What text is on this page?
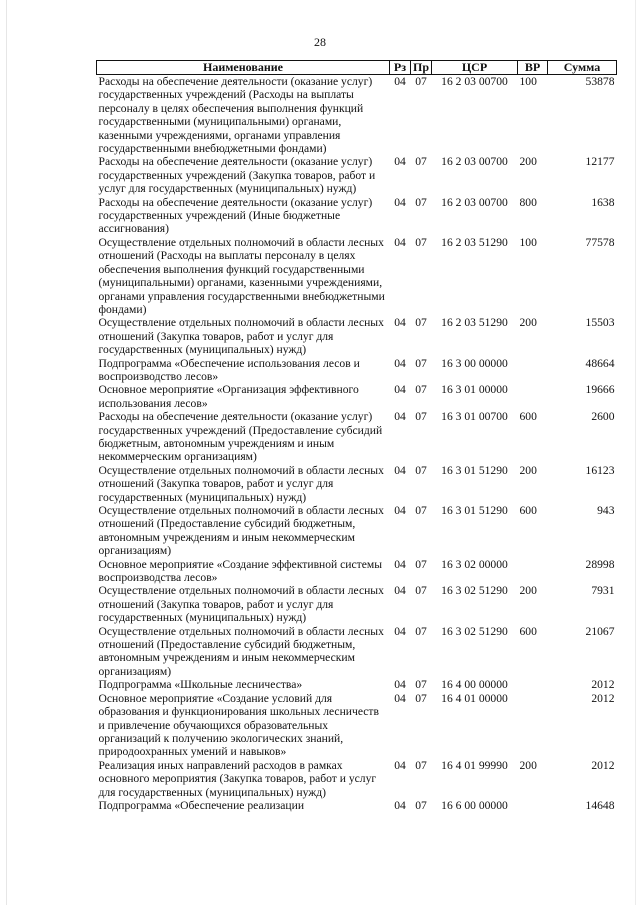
28
Наименование	Рз	Пр	ЦСР	ВР	Сумма
Расходы на обеспечение деятельности (оказание услуг) государственных учреждений (Расходы на выплаты персоналу в целях обеспечения выполнения функций государственными (муниципальными) органами, казенными учреждениями, органами управления государственными внебюджетными фондами)	04	07	16 2 03 00700	100	53878
Расходы на обеспечение деятельности (оказание услуг) государственных учреждений (Закупка товаров, работ и услуг для государственных (муниципальных) нужд)	04	07	16 2 03 00700	200	12177
Расходы на обеспечение деятельности (оказание услуг) государственных учреждений (Иные бюджетные ассигнования)	04	07	16 2 03 00700	800	1638
Осуществление отдельных полномочий в области лесных отношений (Расходы на выплаты персоналу в целях обеспечения выполнения функций государственными (муниципальными) органами, казенными учреждениями, органами управления государственными внебюджетными фондами)	04	07	16 2 03 51290	100	77578
Осуществление отдельных полномочий в области лесных отношений (Закупка товаров, работ и услуг для государственных (муниципальных) нужд)	04	07	16 2 03 51290	200	15503
Подпрограмма «Обеспечение использования лесов и воспроизводство лесов»	04	07	16 3 00 00000		48664
Основное мероприятие «Организация эффективного использования лесов»	04	07	16 3 01 00000		19666
Расходы на обеспечение деятельности (оказание услуг) государственных учреждений (Предоставление субсидий бюджетным, автономным учреждениям и иным некоммерческим организациям)	04	07	16 3 01 00700	600	2600
Осуществление отдельных полномочий в области лесных отношений (Закупка товаров, работ и услуг для государственных (муниципальных) нужд)	04	07	16 3 01 51290	200	16123
Осуществление отдельных полномочий в области лесных отношений (Предоставление субсидий бюджетным, автономным учреждениям и иным некоммерческим организациям)	04	07	16 3 01 51290	600	943
Основное мероприятие «Создание эффективной системы воспроизводства лесов»	04	07	16 3 02 00000		28998
Осуществление отдельных полномочий в области лесных отношений (Закупка товаров, работ и услуг для государственных (муниципальных) нужд)	04	07	16 3 02 51290	200	7931
Осуществление отдельных полномочий в области лесных отношений (Предоставление субсидий бюджетным, автономным учреждениям и иным некоммерческим организациям)	04	07	16 3 02 51290	600	21067
Подпрограмма «Школьные лесничества»	04	07	16 4 00 00000		2012
Основное мероприятие «Создание условий для образования и функционирования школьных лесничеств и привлечение обучающихся образовательных организаций к получению экологических знаний, природоохранных умений и навыков»	04	07	16 4 01 00000		2012
Реализация иных направлений расходов в рамках основного мероприятия (Закупка товаров, работ и услуг для государственных (муниципальных) нужд)	04	07	16 4 01 99990	200	2012
Подпрограмма «Обеспечение реализации	04	07	16 6 00 00000		14648
